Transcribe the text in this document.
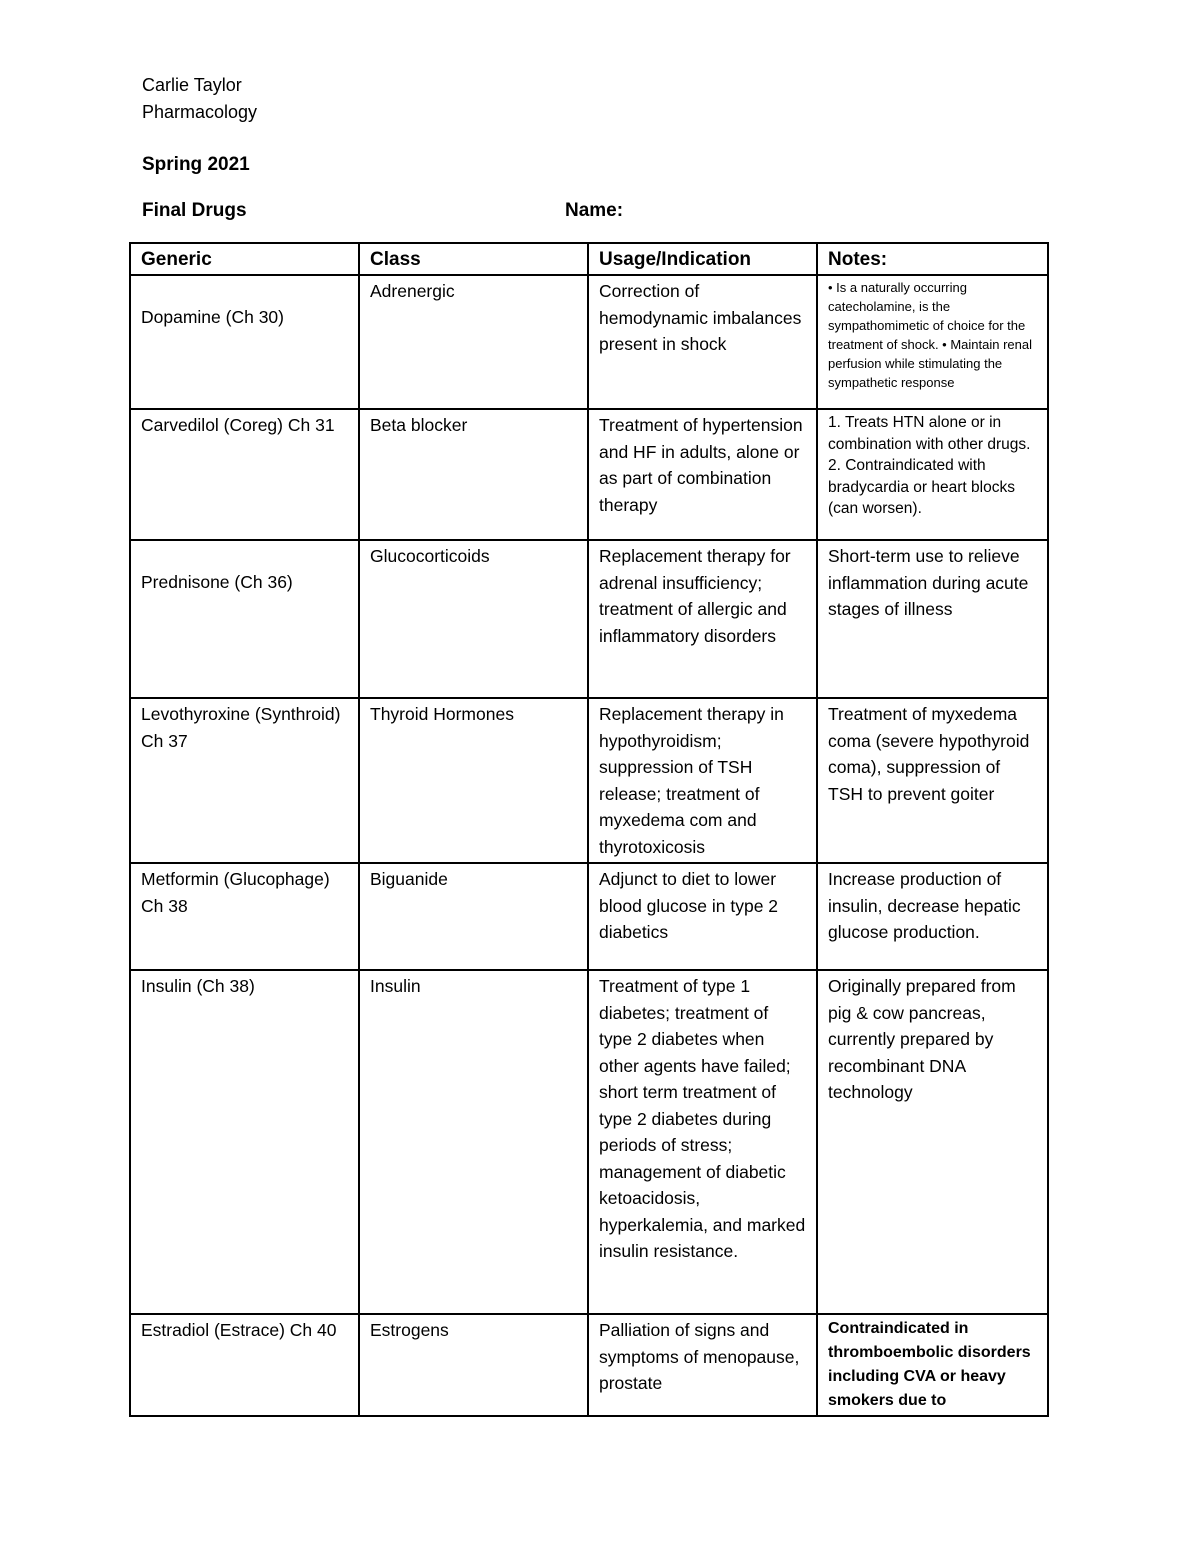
Carlie Taylor
Pharmacology
Spring 2021
Final Drugs	Name:
Generic	Class	Usage/Indication	Notes:
Dopamine (Ch 30)	Adrenergic	Correction of hemodynamic imbalances present in shock	• Is a naturally occurring catecholamine, is the sympathomimetic of choice for the treatment of shock. • Maintain renal perfusion while stimulating the sympathetic response
Carvedilol (Coreg) Ch 31	Beta blocker	Treatment of hypertension and HF in adults, alone or as part of combination therapy	1. Treats HTN alone or in combination with other drugs.
2. Contraindicated with bradycardia or heart blocks (can worsen).

Prednisone (Ch 36)	Glucocorticoids	Replacement therapy for adrenal insufficiency; treatment of allergic and inflammatory disorders	Short-term use to relieve inflammation during acute stages of illness
Levothyroxine (Synthroid) Ch 37	Thyroid Hormones	Replacement therapy in hypothyroidism; suppression of TSH release; treatment of myxedema com and thyrotoxicosis	Treatment of myxedema coma (severe hypothyroid coma), suppression of TSH to prevent goiter
Metformin (Glucophage) Ch 38	Biguanide	Adjunct to diet to lower blood glucose in type 2 diabetics	Increase production of insulin, decrease hepatic glucose production.
Insulin (Ch 38)	Insulin	Treatment of type 1 diabetes; treatment of type 2 diabetes when other agents have failed; short term treatment of type 2 diabetes during periods of stress; management of diabetic ketoacidosis, hyperkalemia, and marked insulin resistance.	Originally prepared from pig & cow pancreas, currently prepared by recombinant DNA technology
Estradiol (Estrace) Ch 40	Estrogens	Palliation of signs and symptoms of menopause, prostate	Contraindicated in thromboembolic disorders including CVA or heavy smokers due to
